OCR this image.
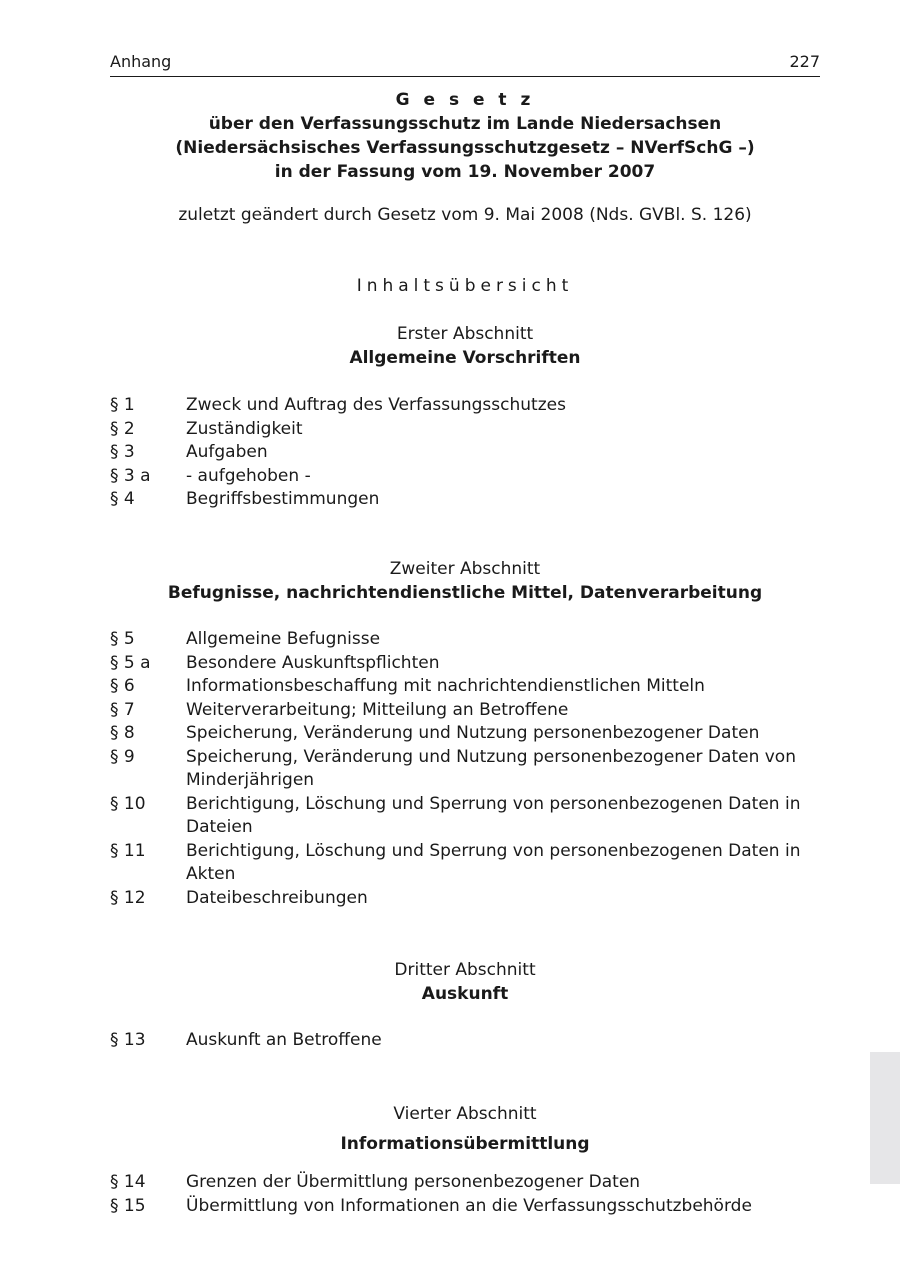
Anhang	227
G e s e t z
über den Verfassungsschutz im Lande Niedersachsen
(Niedersächsisches Verfassungsschutzgesetz – NVerfSchG –)
in der Fassung vom 19. November 2007
zuletzt geändert durch Gesetz vom 9. Mai 2008 (Nds. GVBl. S. 126)
Inhaltsübersicht
Erster Abschnitt
Allgemeine Vorschriften
§ 1	Zweck und Auftrag des Verfassungsschutzes
§ 2	Zuständigkeit
§ 3	Aufgaben
§ 3 a	- aufgehoben -
§ 4	Begriffsbestimmungen
Zweiter Abschnitt
Befugnisse, nachrichtendienstliche Mittel, Datenverarbeitung
§ 5	Allgemeine Befugnisse
§ 5 a	Besondere Auskunftspflichten
§ 6	Informationsbeschaffung mit nachrichtendienstlichen Mitteln
§ 7	Weiterverarbeitung; Mitteilung an Betroffene
§ 8	Speicherung, Veränderung und Nutzung personenbezogener Daten
§ 9	Speicherung, Veränderung und Nutzung personenbezogener Daten von Minderjährigen
§ 10	Berichtigung, Löschung und Sperrung von personenbezogenen Daten in Dateien
§ 11	Berichtigung, Löschung und Sperrung von personenbezogenen Daten in Akten
§ 12	Dateibeschreibungen
Dritter Abschnitt
Auskunft
§ 13	Auskunft an Betroffene
Vierter Abschnitt
Informationsübermittlung
§ 14	Grenzen der Übermittlung personenbezogener Daten
§ 15	Übermittlung von Informationen an die Verfassungsschutzbehörde
